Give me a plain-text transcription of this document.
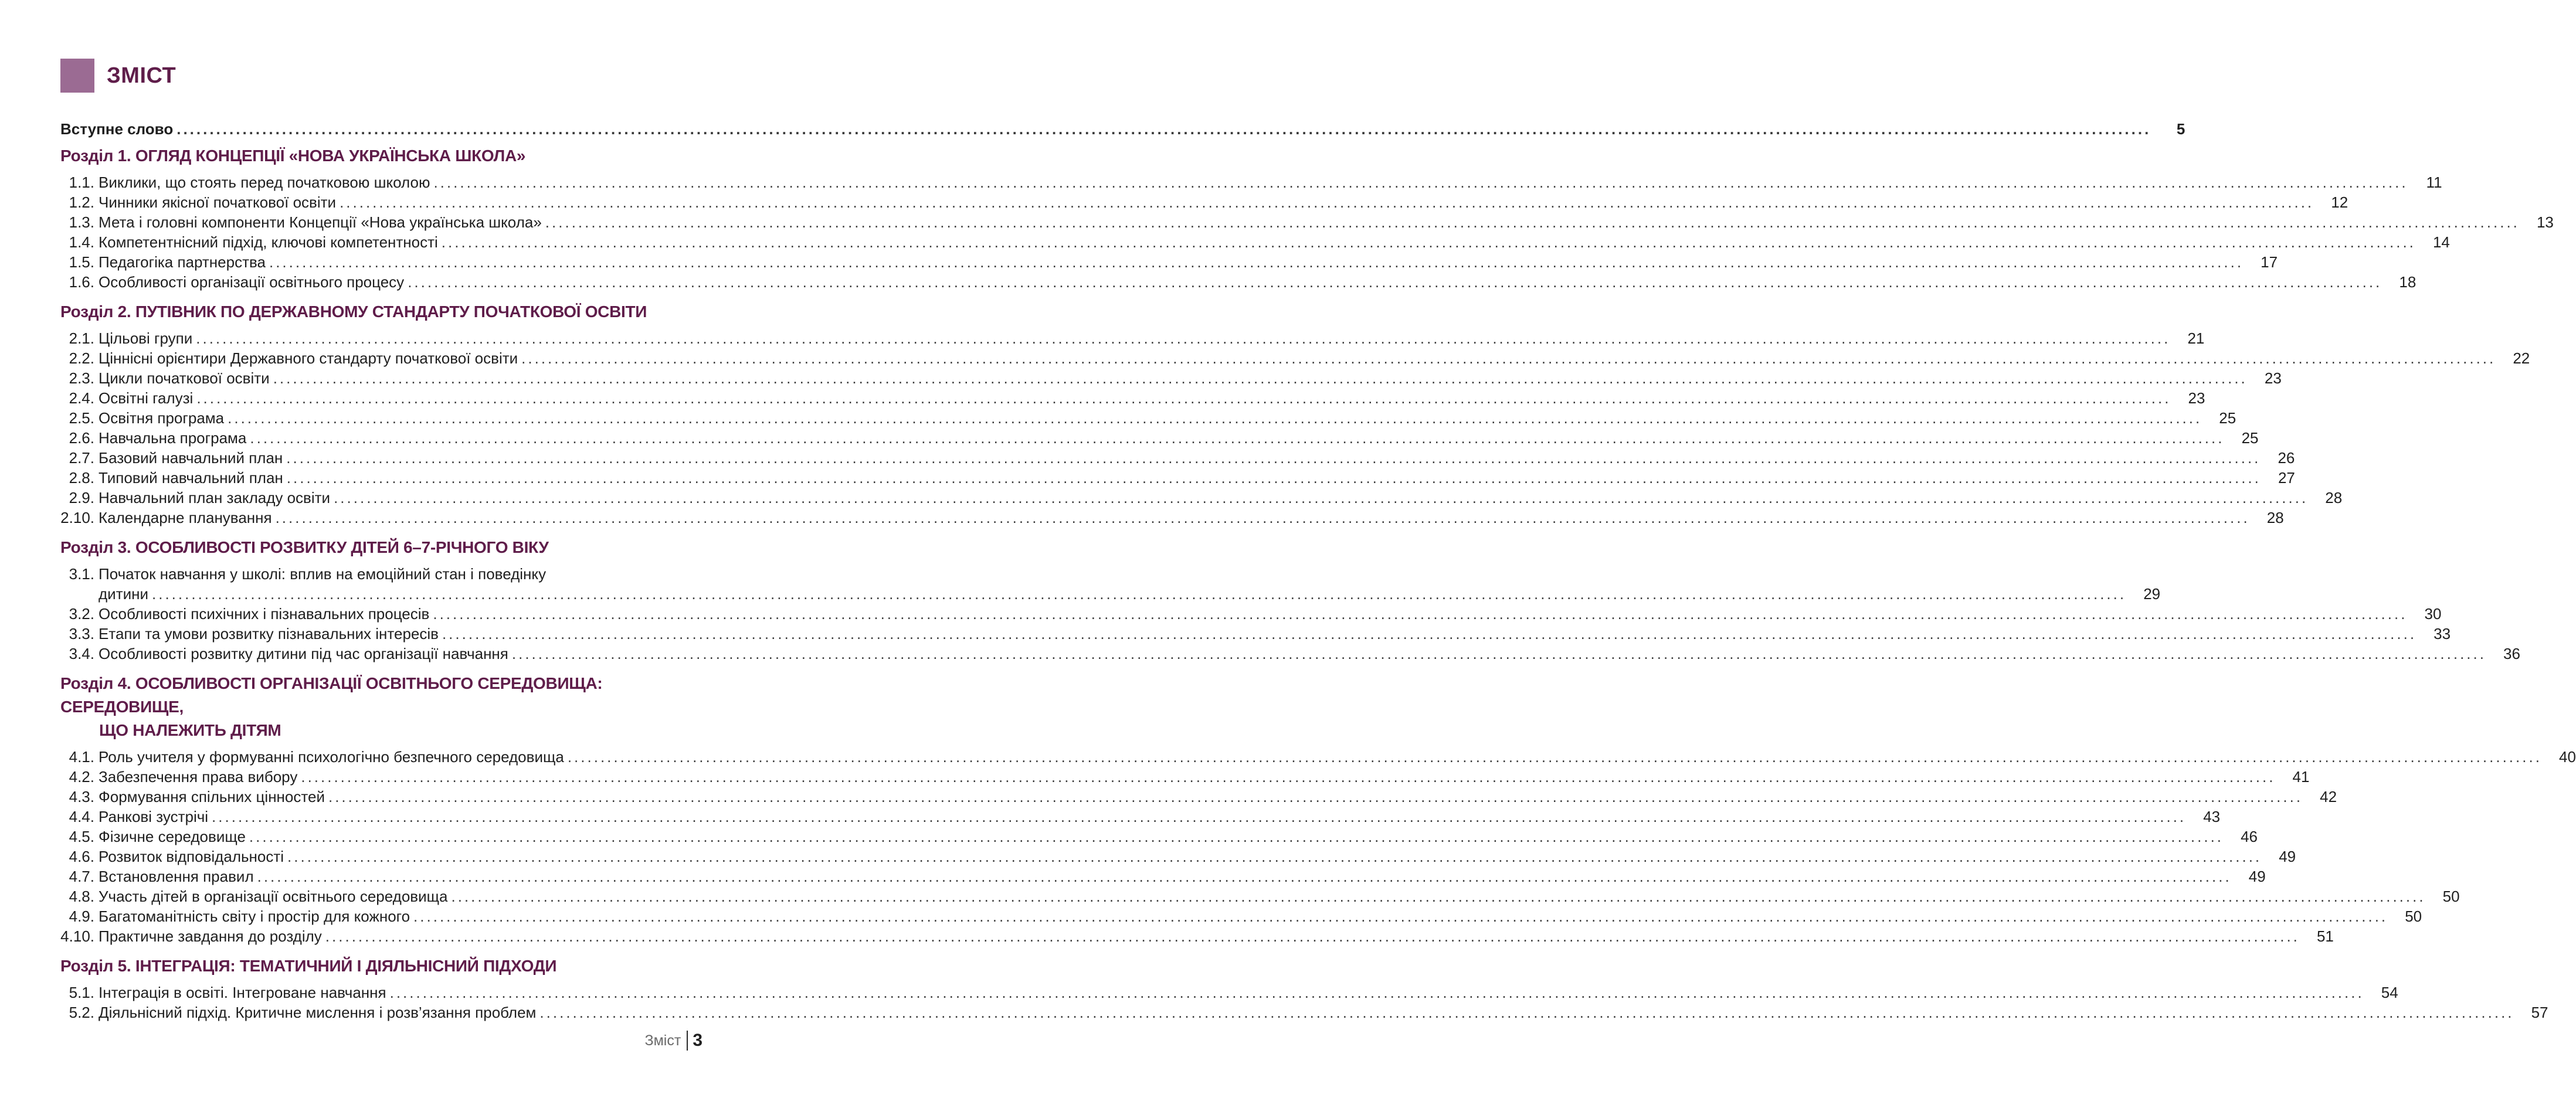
ЗМІСТ
Вступне слово ............................................................................................................................................................................................................................................................................................................	5
Розділ 1. ОГЛЯД КОНЦЕПЦІЇ «НОВА УКРАЇНСЬКА ШКОЛА»
1.1. Виклики, що стоять перед початковою школою ............................................................................................................................................................................................................................................................................................................	11
1.2. Чинники якісної початкової освіти ............................................................................................................................................................................................................................................................................................................	12
1.3. Мета і головні компоненти Концепції «Нова українська школа» ............................................................................................................................................................................................................................................................................................................	13
1.4. Компетентнісний підхід, ключові компетентності ............................................................................................................................................................................................................................................................................................................	14
1.5. Педагогіка партнерства ............................................................................................................................................................................................................................................................................................................	17
1.6. Особливості організації освітнього процесу ............................................................................................................................................................................................................................................................................................................	18
Розділ 2. ПУТІВНИК ПО ДЕРЖАВНОМУ СТАНДАРТУ ПОЧАТКОВОЇ ОСВІТИ
2.1. Цільові групи ............................................................................................................................................................................................................................................................................................................	21
2.2. Ціннісні орієнтири Державного стандарту початкової освіти ............................................................................................................................................................................................................................................................................................................	22
2.3. Цикли початкової освіти ............................................................................................................................................................................................................................................................................................................	23
2.4. Освітні галузі ............................................................................................................................................................................................................................................................................................................	23
2.5. Освітня програма ............................................................................................................................................................................................................................................................................................................	25
2.6. Навчальна програма ............................................................................................................................................................................................................................................................................................................	25
2.7. Базовий навчальний план ............................................................................................................................................................................................................................................................................................................	26
2.8. Типовий навчальний план ............................................................................................................................................................................................................................................................................................................	27
2.9. Навчальний план закладу освіти ............................................................................................................................................................................................................................................................................................................	28
2.10. Календарне планування ............................................................................................................................................................................................................................................................................................................	28
Розділ 3. ОСОБЛИВОСТІ РОЗВИТКУ ДІТЕЙ 6–7-РІЧНОГО ВІКУ
3.1. Початок навчання у школі: вплив на емоційний стан і поведінку
дитини ............................................................................................................................................................................................................................................................................................................	29
3.2. Особливості психічних і пізнавальних процесів ............................................................................................................................................................................................................................................................................................................	30
3.3. Етапи та умови розвитку пізнавальних інтересів ............................................................................................................................................................................................................................................................................................................	33
3.4. Особливості розвитку дитини під час організації навчання ............................................................................................................................................................................................................................................................................................................	36
Розділ 4. ОСОБЛИВОСТІ ОРГАНІЗАЦІЇ ОСВІТНЬОГО СЕРЕДОВИЩА: СЕРЕДОВИЩЕ,
ЩО НАЛЕЖИТЬ ДІТЯМ
4.1. Роль учителя у формуванні психологічно безпечного середовища ............................................................................................................................................................................................................................................................................................................	40
4.2. Забезпечення права вибору ............................................................................................................................................................................................................................................................................................................	41
4.3. Формування спільних цінностей ............................................................................................................................................................................................................................................................................................................	42
4.4. Ранкові зустрічі ............................................................................................................................................................................................................................................................................................................	43
4.5. Фізичне середовище ............................................................................................................................................................................................................................................................................................................	46
4.6. Розвиток відповідальності ............................................................................................................................................................................................................................................................................................................	49
4.7. Встановлення правил ............................................................................................................................................................................................................................................................................................................	49
4.8. Участь дітей в організації освітнього середовища ............................................................................................................................................................................................................................................................................................................	50
4.9. Багатоманітність світу і простір для кожного ............................................................................................................................................................................................................................................................................................................	50
4.10. Практичне завдання до розділу ............................................................................................................................................................................................................................................................................................................	51
Розділ 5. ІНТЕГРАЦІЯ: ТЕМАТИЧНИЙ І ДІЯЛЬНІСНИЙ ПІДХОДИ
5.1. Інтеграція в освіті. Інтегроване навчання ............................................................................................................................................................................................................................................................................................................	54
5.2. Діяльнісний підхід. Критичне мислення і розв’язання проблем ............................................................................................................................................................................................................................................................................................................	57
Зміст 3
